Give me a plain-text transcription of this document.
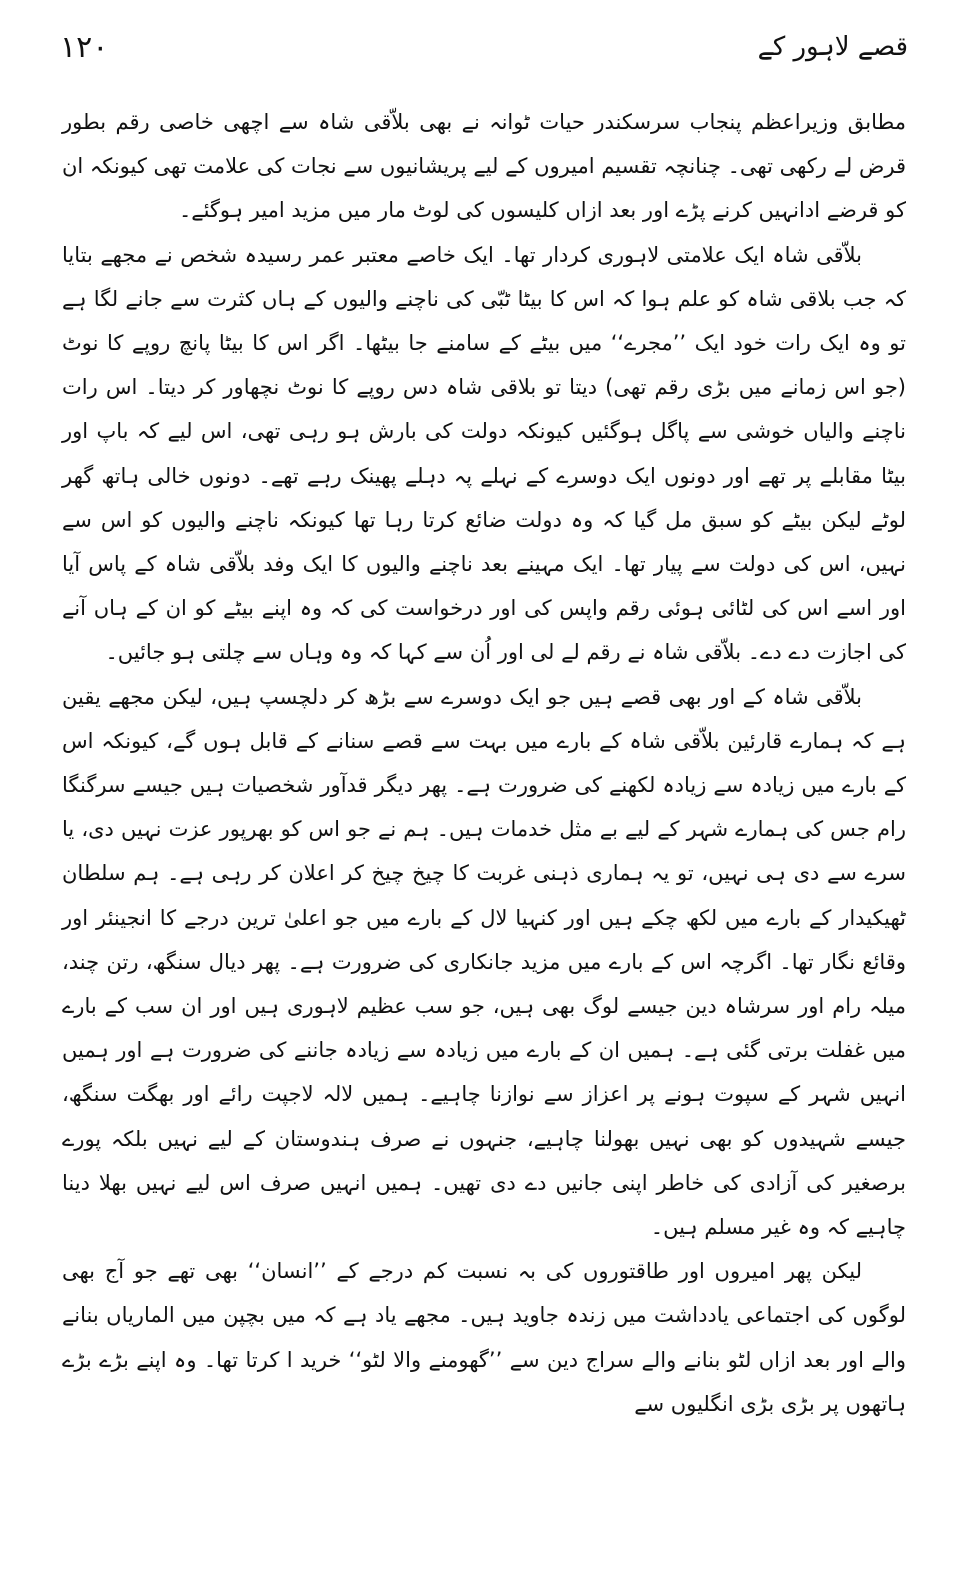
۱۲۰	قصے لاہور کے

مطابق وزیراعظم پنجاب سرسکندر حیات ٹوانہ نے بھی بلاّقی شاہ سے اچھی خاصی رقم بطور قرض لے رکھی تھی۔ چنانچہ تقسیم امیروں کے لیے پریشانیوں سے نجات کی علامت تھی کیونکہ ان کو قرضے ادانہیں کرنے پڑے اور بعد ازاں کلیسوں کی لوٹ مار میں مزید امیر ہوگئے۔

بلاّقی شاہ ایک علامتی لاہوری کردار تھا۔ ایک خاصے معتبر عمر رسیدہ شخص نے مجھے بتایا کہ جب بلاقی شاہ کو علم ہوا کہ اس کا بیٹا ٹبّی کی ناچنے والیوں کے ہاں کثرت سے جانے لگا ہے تو وہ ایک رات خود ایک ’’مجرے‘‘ میں بیٹے کے سامنے جا بیٹھا۔ اگر اس کا بیٹا پانچ روپے کا نوٹ (جو اس زمانے میں بڑی رقم تھی) دیتا تو بلاقی شاہ دس روپے کا نوٹ نچھاور کر دیتا۔ اس رات ناچنے والیاں خوشی سے پاگل ہوگئیں کیونکہ دولت کی بارش ہو رہی تھی، اس لیے کہ باپ اور بیٹا مقابلے پر تھے اور دونوں ایک دوسرے کے نہلے پہ دہلے پھینک رہے تھے۔ دونوں خالی ہاتھ گھر لوٹے لیکن بیٹے کو سبق مل گیا کہ وہ دولت ضائع کرتا رہا تھا کیونکہ ناچنے والیوں کو اس سے نہیں، اس کی دولت سے پیار تھا۔ ایک مہینے بعد ناچنے والیوں کا ایک وفد بلاّقی شاہ کے پاس آیا اور اسے اس کی لٹائی ہوئی رقم واپس کی اور درخواست کی کہ وہ اپنے بیٹے کو ان کے ہاں آنے کی اجازت دے دے۔ بلاّقی شاہ نے رقم لے لی اور اُن سے کہا کہ وہ وہاں سے چلتی ہو جائیں۔

بلاّقی شاہ کے اور بھی قصے ہیں جو ایک دوسرے سے بڑھ کر دلچسپ ہیں، لیکن مجھے یقین ہے کہ ہمارے قارئین بلاّقی شاہ کے بارے میں بہت سے قصے سنانے کے قابل ہوں گے، کیونکہ اس کے بارے میں زیادہ سے زیادہ لکھنے کی ضرورت ہے۔ پھر دیگر قدآور شخصیات ہیں جیسے سرگنگا رام جس کی ہمارے شہر کے لیے بے مثل خدمات ہیں۔ ہم نے جو اس کو بھرپور عزت نہیں دی، یا سرے سے دی ہی نہیں، تو یہ ہماری ذہنی غربت کا چیخ چیخ کر اعلان کر رہی ہے۔ ہم سلطان ٹھیکیدار کے بارے میں لکھ چکے ہیں اور کنہیا لال کے بارے میں جو اعلیٰ ترین درجے کا انجینئر اور وقائع نگار تھا۔ اگرچہ اس کے بارے میں مزید جانکاری کی ضرورت ہے۔ پھر دیال سنگھ، رتن چند، میلہ رام اور سرشاہ دین جیسے لوگ بھی ہیں، جو سب عظیم لاہوری ہیں اور ان سب کے بارے میں غفلت برتی گئی ہے۔ ہمیں ان کے بارے میں زیادہ سے زیادہ جاننے کی ضرورت ہے اور ہمیں انہیں شہر کے سپوت ہونے پر اعزاز سے نوازنا چاہیے۔ ہمیں لالہ لاجپت رائے اور بھگت سنگھ، جیسے شہیدوں کو بھی نہیں بھولنا چاہیے، جنہوں نے صرف ہندوستان کے لیے نہیں بلکہ پورے برصغیر کی آزادی کی خاطر اپنی جانیں دے دی تھیں۔ ہمیں انہیں صرف اس لیے نہیں بھلا دینا چاہیے کہ وہ غیر مسلم ہیں۔

لیکن پھر امیروں اور طاقتوروں کی بہ نسبت کم درجے کے ’’انسان‘‘ بھی تھے جو آج بھی لوگوں کی اجتماعی یادداشت میں زندہ جاوید ہیں۔ مجھے یاد ہے کہ میں بچپن میں الماریاں بنانے والے اور بعد ازاں لٹو بنانے والے سراج دین سے ’’گھومنے والا لٹو‘‘ خرید ا کرتا تھا۔ وہ اپنے بڑے بڑے ہاتھوں پر بڑی بڑی انگلیوں سے
